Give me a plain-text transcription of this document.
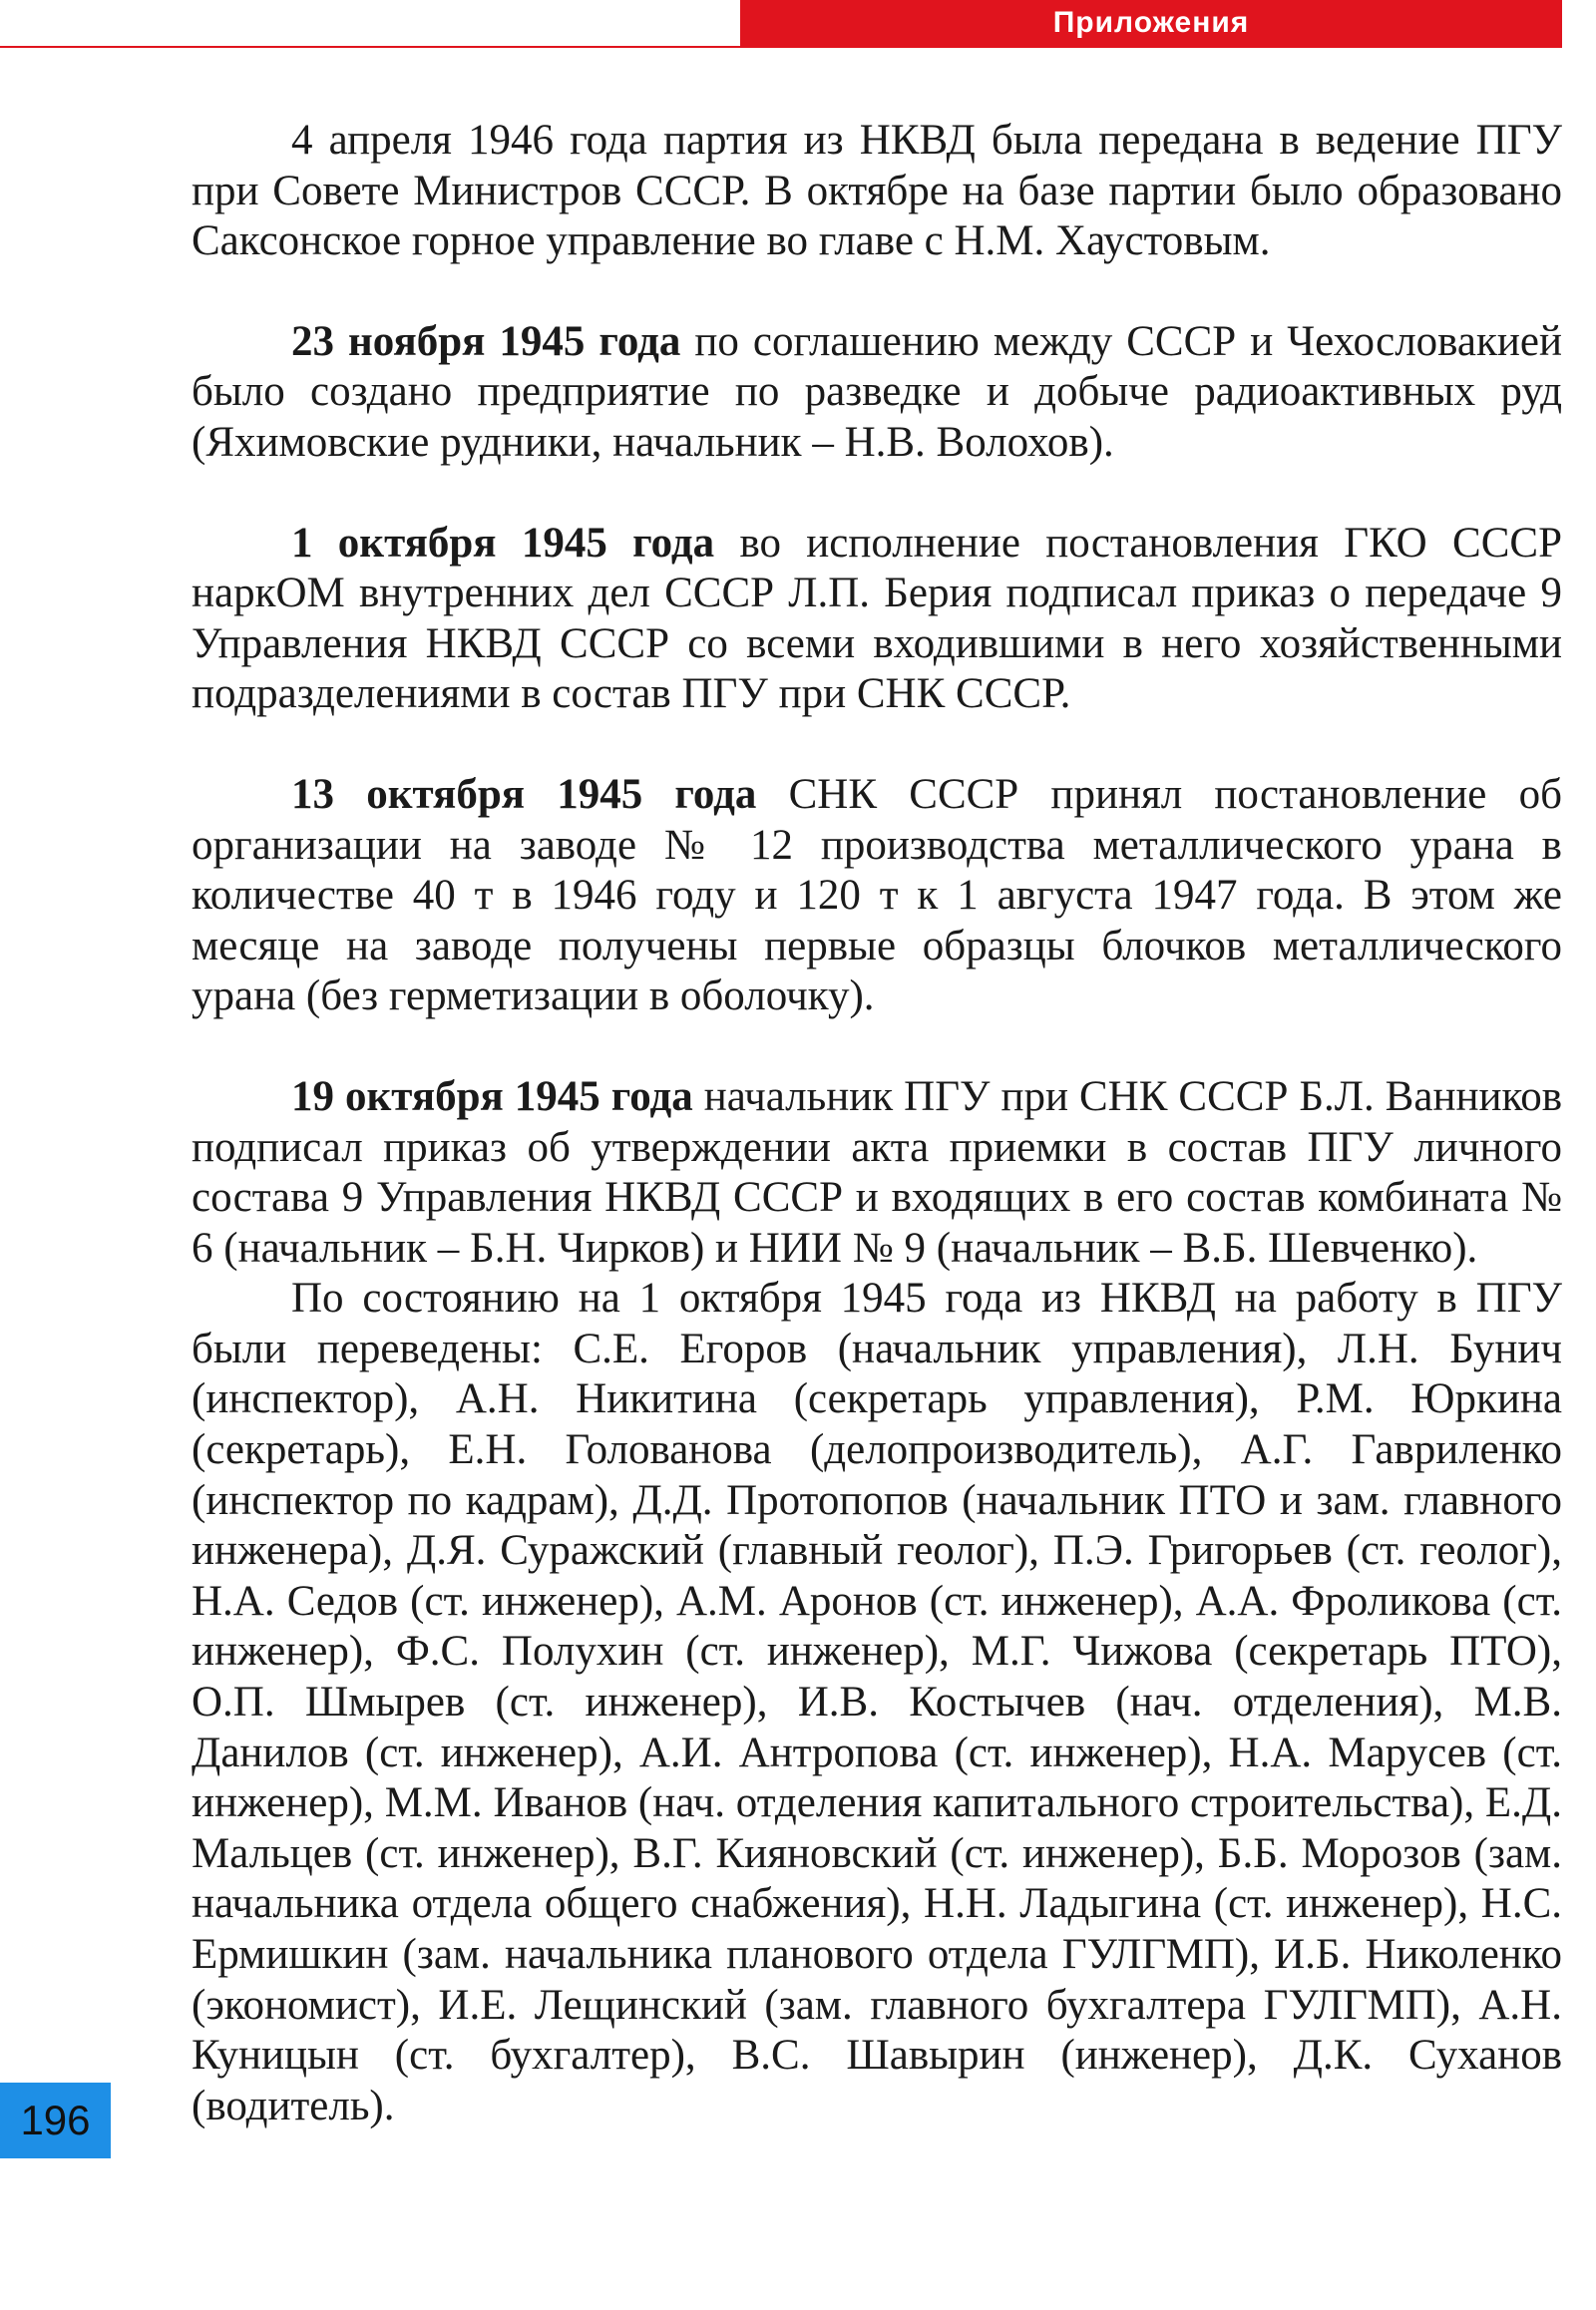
Приложения

4 апреля 1946 года партия из НКВД была передана в ведение ПГУ при Совете Министров СССР. В октябре на базе партии было образовано Саксонское горное управление во главе с Н.М. Хаустовым.

23 ноября 1945 года по соглашению между СССР и Чехословакией было создано предприятие по разведке и добыче радиоактивных руд (Яхимовские рудники, начальник – Н.В. Волохов).

1 октября 1945 года во исполнение постановления ГКО СССР наркОМ внутренних дел СССР Л.П. Берия подписал приказ о передаче 9 Управления НКВД СССР со всеми входившими в него хозяйственными подразделениями в состав ПГУ при СНК СССР.

13 октября 1945 года СНК СССР принял постановление об организации на заводе № 12 производства металлического урана в количестве 40 т в 1946 году и 120 т к 1 августа 1947 года. В этом же месяце на заводе получены первые образцы блочков металлического урана (без герметизации в оболочку).

19 октября 1945 года начальник ПГУ при СНК СССР Б.Л. Ванников подписал приказ об утверждении акта приемки в состав ПГУ личного состава 9 Управления НКВД СССР и входящих в его состав комбината № 6 (начальник – Б.Н. Чирков) и НИИ № 9 (начальник – В.Б. Шевченко).

По состоянию на 1 октября 1945 года из НКВД на работу в ПГУ были переведены: С.Е. Егоров (начальник управления), Л.Н. Бунич (инспектор), А.Н. Никитина (секретарь управления), Р.М. Юркина (секретарь), Е.Н. Голованова (делопроизводитель), А.Г. Гавриленко (инспектор по кадрам), Д.Д. Протопопов (начальник ПТО и зам. главного инженера), Д.Я. Суражский (главный геолог), П.Э. Григорьев (ст. геолог), Н.А. Седов (ст. инженер), А.М. Аронов (ст. инженер), А.А. Фроликова (ст. инженер), Ф.С. Полухин (ст. инженер), М.Г. Чижова (секретарь ПТО), О.П. Шмырев (ст. инженер), И.В. Костычев (нач. отделения), М.В. Данилов (ст. инженер), А.И. Антропова (ст. инженер), Н.А. Марусев (ст. инженер), М.М. Иванов (нач. отделения капитального строительства), Е.Д. Мальцев (ст. инженер), В.Г. Кияновский (ст. инженер), Б.Б. Морозов (зам. начальника отдела общего снабжения), Н.Н. Ладыгина (ст. инженер), Н.С. Ермишкин (зам. начальника планового отдела ГУЛГМП), И.Б. Николенко (экономист), И.Е. Лещинский (зам. главного бухгалтера ГУЛГМП), А.Н. Куницын (ст. бухгалтер), В.С. Шавырин (инженер), Д.К. Суханов (водитель).

196
